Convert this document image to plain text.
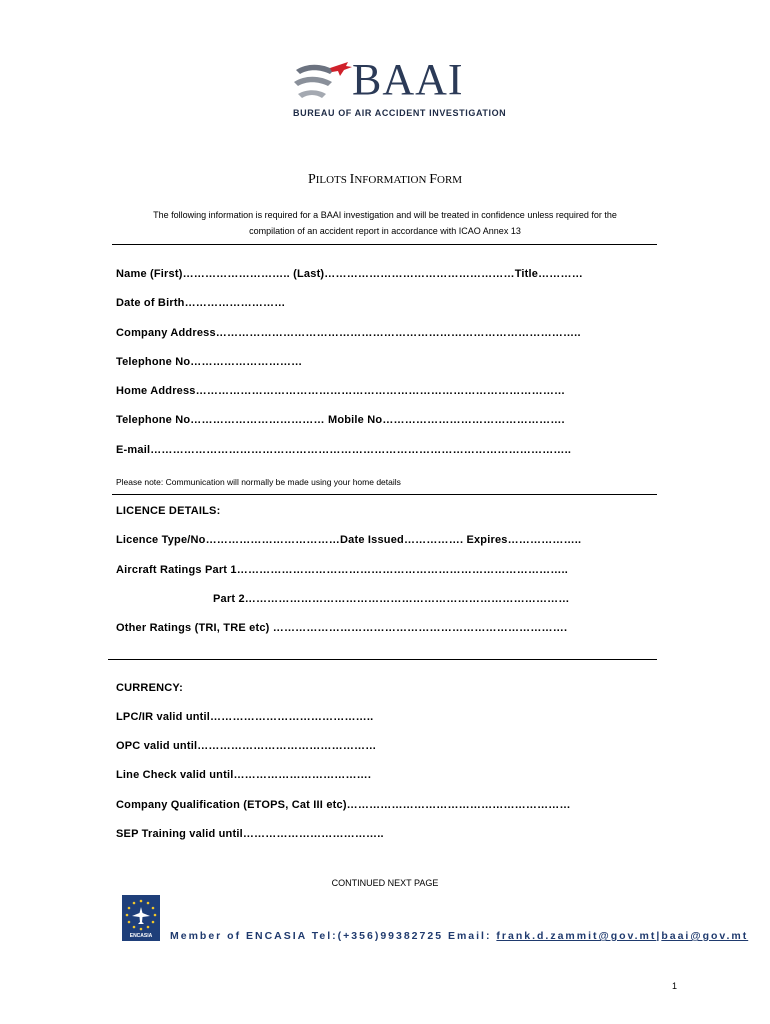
BAAI
BUREAU OF AIR ACCIDENT INVESTIGATION
PILOTS INFORMATION FORM
The following information is required for a BAAI investigation and will be treated in confidence unless required for the
compilation of an accident report in accordance with ICAO Annex 13
Name (First)……………………….. (Last)……………………………………………Title…………
Date of Birth………………………
Company Address……………………………………………………………………………………..
Telephone No…………………………
Home Address………………………………………………………………………………………
Telephone No……………………………… Mobile No………………………………………….
E-mail…………………………………………………………………………………………………..
Please note: Communication will normally be made using your home details
LICENCE DETAILS:
Licence Type/No………………………………Date Issued……………. Expires………………..
Aircraft Ratings Part 1……………………………………………………………………………..
Part 2……………………………………………………………………………
Other Ratings (TRI, TRE etc) …………………………………………………………………….
CURRENCY:
LPC/IR valid until……………………………………..
OPC valid until…………………………………………
Line Check valid until……………………………….
Company Qualification (ETOPS, Cat III etc)……………………………………………………
SEP Training valid until………………………………..
CONTINUED NEXT PAGE
ENCASIA	Member of ENCASIA Tel:(+356)99382725 Email: frank.d.zammit@gov.mt|baai@gov.mt
1
